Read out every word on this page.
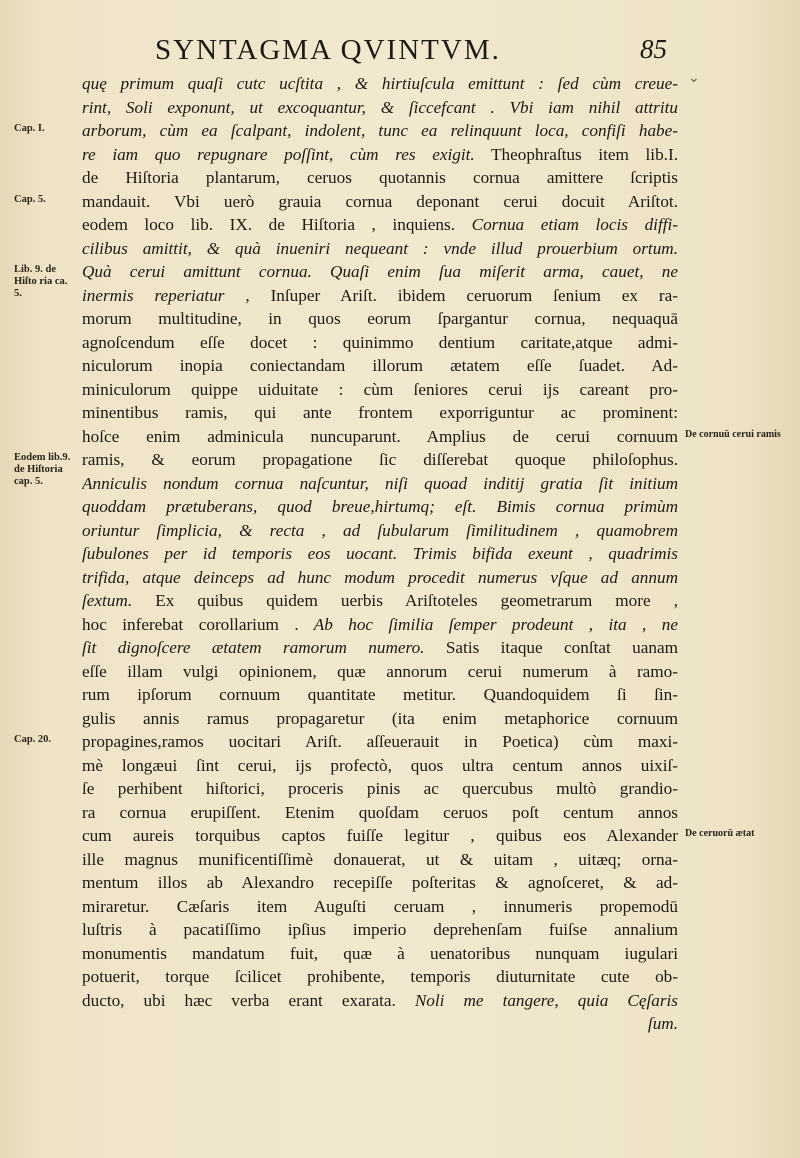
SYNTAGMA QVINTVM.	85
quę primum quaſi cutc ucſtita , & hirtiuſcula emittunt : ſed cùm creue-
rint, Soli exponunt, ut excoquantur, & ſiccefcant . Vbi iam nihil attritu
arborum, cùm ea ſcalpant, indolent, tunc ea relinquunt loca, confiſi habe-
re iam quo repugnare poſſint, cùm res exigit. Theophraſtus item lib.I.
de Hiſtoria plantarum, ceruos quotannis cornua amittere ſcriptis
mandauit. Vbi uerò grauia cornua deponant cerui docuit Ariſtot.
eodem loco lib. IX. de Hiſtoria , inquiens. Cornua etiam locis diffi-
cilibus amittit, & quà inueniri nequeant : vnde illud prouerbium ortum.
Quà cerui amittunt cornua. Quaſi enim ſua miſerit arma, cauet, ne
inermis reperiatur , Inſuper Ariſt. ibidem ceruorum ſenium ex ra-
morum multitudine, in quos eorum ſpargantur cornua, nequaquā
agnoſcendum eſſe docet : quinimmo dentium caritate,atque admi-
niculorum inopia coniectandam illorum ætatem eſſe ſuadet. Ad-
miniculorum quippe uiduitate : cùm ſeniores cerui ijs careant pro-
minentibus ramis, qui ante frontem exporriguntur ac prominent:
hoſce enim adminicula nuncuparunt. Amplius de cerui cornuum
ramis, & eorum propagatione ſic diſſerebat quoque philoſophus.
Anniculis nondum cornua naſcuntur, niſi quoad inditij gratia ſit initium
quoddam prætuberans, quod breue,hirtumq; eſt. Bimis cornua primùm
oriuntur ſimplicia, & recta , ad ſubularum ſimilitudinem , quamobrem
ſubulones per id temporis eos uocant. Trimis bifida exeunt , quadrimis
trifida, atque deinceps ad hunc modum procedit numerus vſque ad annum
ſextum. Ex quibus quidem uerbis Ariſtoteles geometrarum more ,
hoc inferebat corollarium . Ab hoc ſimilia ſemper prodeunt , ita , ne
ſit dignoſcere ætatem ramorum numero. Satis itaque conſtat uanam
eſſe illam vulgi opinionem, quæ annorum cerui numerum à ramo-
rum ipſorum cornuum quantitate metitur. Quandoquidem ſi ſin-
gulis annis ramus propagaretur (ita enim metaphorice cornuum
propagines,ramos uocitari Ariſt. aſſeuerauit in Poetica) cùm maxi-
mè longæui ſint cerui, ijs profectò, quos ultra centum annos uixiſ-
ſe perhibent hiſtorici, proceris pinis ac quercubus multò grandio-
ra cornua erupiſſent. Etenim quoſdam ceruos poſt centum annos
cum aureis torquibus captos fuiſſe legitur , quibus eos Alexander
ille magnus munificentiſſimè donauerat, ut & uitam , uitæq; orna-
mentum illos ab Alexandro recepiſſe poſteritas & agnoſceret, & ad-
miraretur. Cæſaris item Auguſti ceruam , innumeris propemodū
luſtris à pacatiſſimo ipſius imperio deprehenſam fuiſse annalium
monumentis mandatum fuit, quæ à uenatoribus nunquam iugulari
potuerit, torque ſcilicet prohibente, temporis diuturnitate cute ob-
ducto, ubi hæc verba erant exarata. Noli me tangere, quia Cęſaris
ſum.
Cap. I.
Cap. 5.
Lib. 9. de Hiſto ria ca. 5.
Eodem lib.9. de Hiſtoria cap. 5.
Cap. 20.
De cornuū cerui ramis
De ceruorū ætat
⌄
